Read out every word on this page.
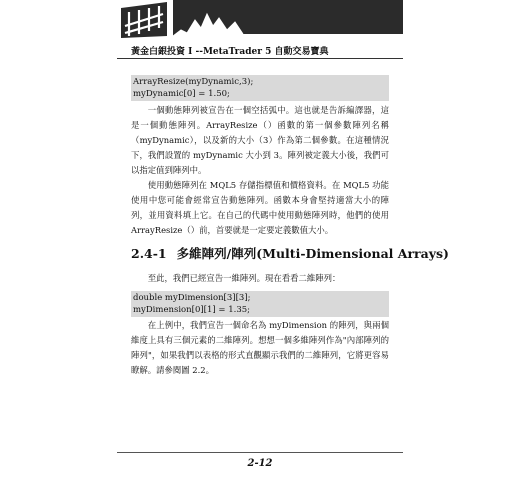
黃金白銀投資 I --MetaTrader 5 自動交易寶典
ArrayResize(myDynamic,3);
myDynamic[0] = 1.50;
一個動態陣列被宣告在一個空括弧中。這也就是告訴編譯器，這是一個動態陣列。ArrayResize（）函數的第一個參數陣列名稱（myDynamic），以及新的大小（3）作為第二個參數。在這種情況下，我們設置的 myDynamic 大小到 3。陣列被定義大小後，我們可以指定值到陣列中。
使用動態陣列在 MQL5 存儲指標值和價格資料。在 MQL5 功能使用中您可能會經常宣告動態陣列。函數本身會堅持適當大小的陣列，並用資料填上它。在自己的代碼中使用動態陣列時，他們的使用 ArrayResize（）前，首要就是一定要定義數值大小。
2.4-1 多維陣列/陣列(Multi-Dimensional Arrays)
至此，我們已經宣告一維陣列。現在看看二維陣列：
double myDimension[3][3];
myDimension[0][1] = 1.35;
在上例中，我們宣告一個命名為 myDimension 的陣列，與兩個維度上具有三個元素的二維陣列。想想一個多維陣列作為"內部陣列的陣列"，如果我們以表格的形式直觀顯示我們的二維陣列，它將更容易瞭解。請參閱圖 2.2。
2-12
